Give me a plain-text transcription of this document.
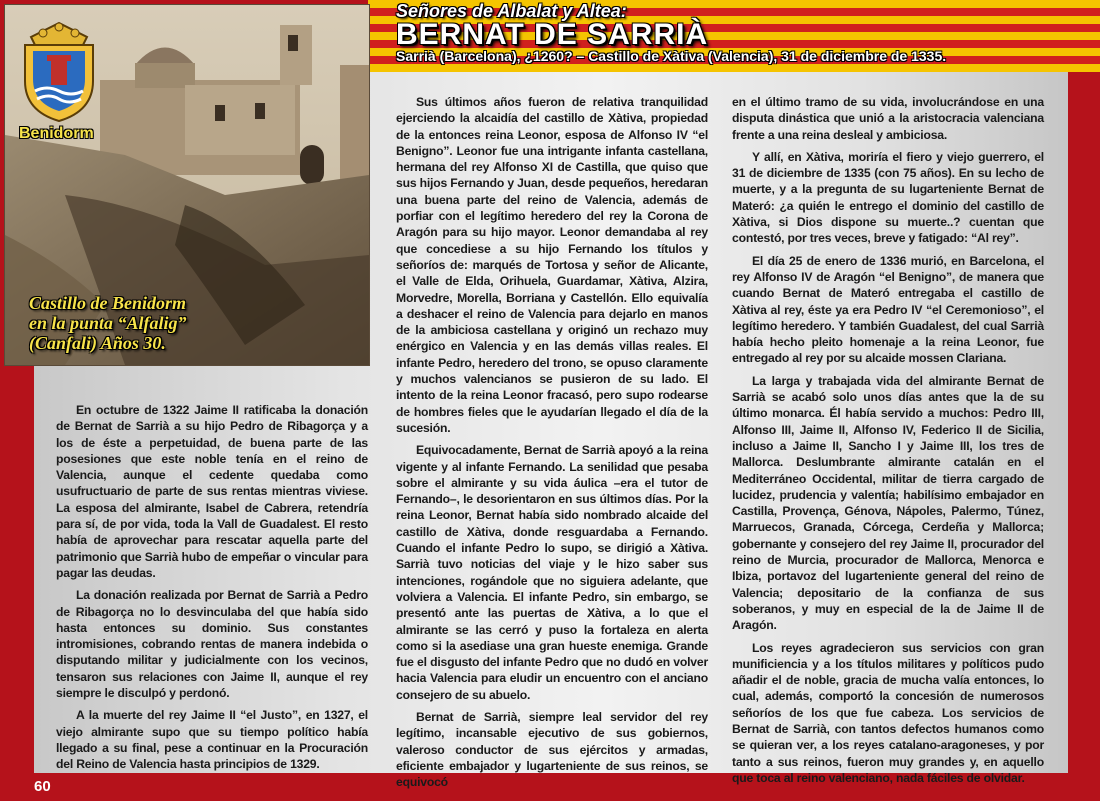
Señores de Albalat y Altea:
BERNAT DE SARRIÀ
Sarrià (Barcelona), ¿1260? – Castillo de Xàtiva (Valencia), 31 de diciembre de 1335.
Benidorm
Castillo de Benidorm
en la punta “Alfalig”
(Canfali) Años 30.

En octubre de 1322 Jaime II ratificaba la donación de Bernat de Sarrià a su hijo Pedro de Ribagorça y a los de éste a perpetuidad, de buena parte de las posesiones que este noble tenía en el reino de Valencia, aunque el cedente quedaba como usufructuario de parte de sus rentas mientras viviese. La esposa del almirante, Isabel de Cabrera, retendría para sí, de por vida, toda la Vall de Guadalest. El resto había de aprovechar para rescatar aquella parte del patrimonio que Sarrià hubo de empeñar o vincular para pagar las deudas.

La donación realizada por Bernat de Sarrià a Pedro de Ribagorça no lo desvinculaba del que había sido hasta entonces su dominio. Sus constantes intromisiones, cobrando rentas de manera indebida o disputando militar y judicialmente con los vecinos, tensaron sus relaciones con Jaime II, aunque el rey siempre le disculpó y perdonó.

A la muerte del rey Jaime II “el Justo”, en 1327, el viejo almirante supo que su tiempo político había llegado a su final, pese a continuar en la Procuración del Reino de Valencia hasta principios de 1329.

Sus últimos años fueron de relativa tranquilidad ejerciendo la alcaidía del castillo de Xàtiva, propiedad de la entonces reina Leonor, esposa de Alfonso IV “el Benigno”. Leonor fue una intrigante infanta castellana, hermana del rey Alfonso XI de Castilla, que quiso que sus hijos Fernando y Juan, desde pequeños, heredaran una buena parte del reino de Valencia, además de porfiar con el legítimo heredero del rey la Corona de Aragón para su hijo mayor. Leonor demandaba al rey que concediese a su hijo Fernando los títulos y señoríos de: marqués de Tortosa y señor de Alicante, el Valle de Elda, Orihuela, Guardamar, Xàtiva, Alzira, Morvedre, Morella, Borriana y Castellón. Ello equivalía a deshacer el reino de Valencia para dejarlo en manos de la ambiciosa castellana y originó un rechazo muy enérgico en Valencia y en las demás villas reales. El infante Pedro, heredero del trono, se opuso claramente y muchos valencianos se pusieron de su lado. El intento de la reina Leonor fracasó, pero supo rodearse de hombres fieles que le ayudarían llegado el día de la sucesión.

Equivocadamente, Bernat de Sarrià apoyó a la reina vigente y al infante Fernando. La senilidad que pesaba sobre el almirante y su vida áulica –era el tutor de Fernando–, le desorientaron en sus últimos días. Por la reina Leonor, Bernat había sido nombrado alcaide del castillo de Xàtiva, donde resguardaba a Fernando. Cuando el infante Pedro lo supo, se dirigió a Xàtiva. Sarrià tuvo noticias del viaje y le hizo saber sus intenciones, rogándole que no siguiera adelante, que volviera a Valencia. El infante Pedro, sin embargo, se presentó ante las puertas de Xàtiva, a lo que el almirante se las cerró y puso la fortaleza en alerta como si la asediase una gran hueste enemiga. Grande fue el disgusto del infante Pedro que no dudó en volver hacia Valencia para eludir un encuentro con el anciano consejero de su abuelo.

Bernat de Sarrià, siempre leal servidor del rey legítimo, incansable ejecutivo de sus gobiernos, valeroso conductor de sus ejércitos y armadas, eficiente embajador y lugarteniente de sus reinos, se equivocó

en el último tramo de su vida, involucrándose en una disputa dinástica que unió a la aristocracia valenciana frente a una reina desleal y ambiciosa.

Y allí, en Xàtiva, moriría el fiero y viejo guerrero, el 31 de diciembre de 1335 (con 75 años). En su lecho de muerte, y a la pregunta de su lugarteniente Bernat de Materó: ¿a quién le entrego el dominio del castillo de Xàtiva, si Dios dispone su muerte..? cuentan que contestó, por tres veces, breve y fatigado: “Al rey”.

El día 25 de enero de 1336 murió, en Barcelona, el rey Alfonso IV de Aragón “el Benigno”, de manera que cuando Bernat de Materó entregaba el castillo de Xàtiva al rey, éste ya era Pedro IV “el Ceremonioso”, el legítimo heredero. Y también Guadalest, del cual Sarrià había hecho pleito homenaje a la reina Leonor, fue entregado al rey por su alcaide mossen Clariana.

La larga y trabajada vida del almirante Bernat de Sarrià se acabó solo unos días antes que la de su último monarca. Él había servido a muchos: Pedro III, Alfonso III, Jaime II, Alfonso IV, Federico II de Sicilia, incluso a Jaime II, Sancho I y Jaime III, los tres de Mallorca. Deslumbrante almirante catalán en el Mediterráneo Occidental, militar de tierra cargado de lucidez, prudencia y valentía; habilísimo embajador en Castilla, Provença, Génova, Nápoles, Palermo, Túnez, Marruecos, Granada, Córcega, Cerdeña y Mallorca; gobernante y consejero del rey Jaime II, procurador del reino de Murcia, procurador de Mallorca, Menorca e Ibiza, portavoz del lugarteniente general del reino de Valencia; depositario de la confianza de sus soberanos, y muy en especial de la de Jaime II de Aragón.

Los reyes agradecieron sus servicios con gran munificiencia y a los títulos militares y políticos pudo añadir el de noble, gracia de mucha valía entonces, lo cual, además, comportó la concesión de numerosos señoríos de los que fue cabeza. Los servicios de Bernat de Sarrià, con tantos defectos humanos como se quieran ver, a los reyes catalano-aragoneses, y por tanto a sus reinos, fueron muy grandes y, en aquello que toca al reino valenciano, nada fáciles de olvidar.

60
